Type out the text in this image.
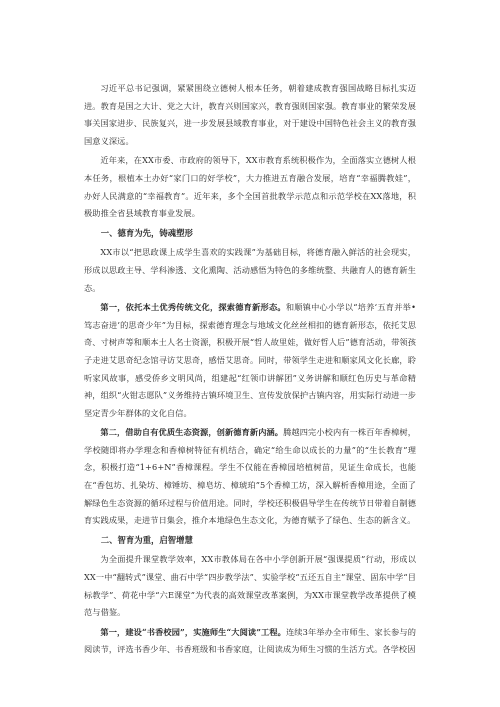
习近平总书记强调，紧紧围绕立德树人根本任务，朝着建成教育强国战略目标扎实迈进。教育是国之大计、党之大计，教育兴则国家兴，教育强则国家强。教育事业的繁荣发展事关国家进步、民族复兴，进一步发展县域教育事业，对于建设中国特色社会主义的教育强国意义深远。

近年来，在XX市委、市政府的领导下，XX市教育系统积极作为，全面落实立德树人根本任务，根植本土办好“家门口的好学校”，大力推进五育融合发展，培育“幸福腾教娃”，办好人民满意的“幸福教育”。近年来，多个全国首批教学示范点和示范学校在XX落地，积极助推全省县域教育事业发展。

一、德育为先，铸魂塑形

XX市以“把思政课上成学生喜欢的实践课”为基础目标，将德育融入鲜活的社会现实，形成以思政主导、学科渗透、文化熏陶、活动感悟为特色的多维统整、共融育人的德育新生态。

第一，依托本土优秀传统文化，探索德育新形态。和顺镇中心小学以“培养‘五育并举•笃志奋进’的思奇少年”为目标，探索德育理念与地域文化丝丝相扣的德育新形态，依托艾思奇、寸树声等和顺本土人名士资源，积极开展“哲人故里娃，做好哲人后”德育活动，带领孩子走进艾思奇纪念馆寻访艾思奇，感悟艾思奇。同时，带领学生走进和顺家风文化长廊，聆听家风故事，感受侨乡文明风尚，组建起“红领巾讲解团”义务讲解和顺红色历史与革命精神，组织“火钳志愿队”义务维持古镇环境卫生、宣传发放保护古镇内容，用实际行动进一步坚定青少年群体的文化自信。

第二，借助自有优质生态资源，创新德育新内涵。腾越四完小校内有一株百年香樟树，学校随即将办学理念和香樟树特征有机结合，确定“给生命以成长的力量”的“生长教育”理念，积极打造“1+6+N”香樟课程。学生不仅能在香樟园培植树苗，见证生命成长，也能在“香包坊、扎染坊、樟锤坊、樟皂坊、樟琥珀”5个香樟工坊，深入解析香樟用途，全面了解绿色生态资源的循环过程与价值用途。同时，学校还积极倡导学生在传统节日带着自制德育实践成果，走进节日集会，推介本地绿色生态文化，为德育赋予了绿色、生态的新含义。

二、智育为重，启智增慧

为全面提升课堂教学效率，XX市教体局在各中小学创新开展“强课提质”行动，形成以XX一中“翻转式”课堂、曲石中学“四步教学法”、实验学校“五还五自主”课堂、固东中学“目标教学”、荷花中学“六E课堂”为代表的高效课堂改革案例，为XX市课堂教学改革提供了模范与借鉴。

第一，建设“书香校园”，实施师生“大阅读”工程。连续3年举办全市师生、家长参与的阅读节，评选书香少年、书香班级和书香家庭，让阅读成为师生习惯的生活方式。各学校因
